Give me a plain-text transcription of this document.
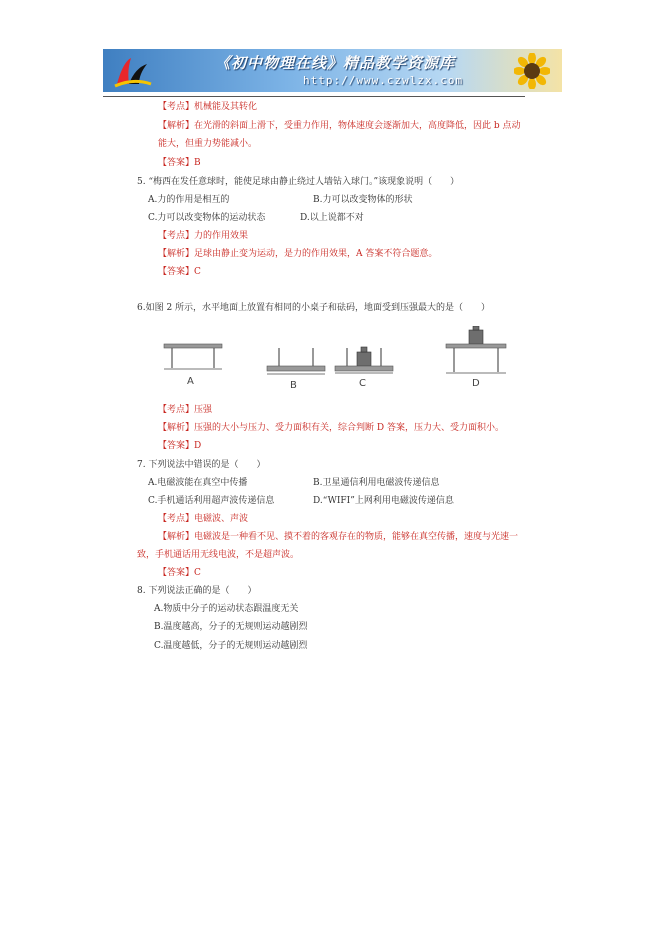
《初中物理在线》精品教学资源库
http://www.czwlzx.com
【考点】机械能及其转化
【解析】在光滑的斜面上滑下，受重力作用，物体速度会逐渐加大，高度降低，因此 b 点动
能大，但重力势能减小。
【答案】B
5. “梅西在发任意球时，能使足球由静止绕过人墙钻入球门。”该现象说明（　　）
A.力的作用是相互的	B.力可以改变物体的形状
C.力可以改变物体的运动状态	D.以上说都不对
【考点】力的作用效果
【解析】足球由静止变为运动，是力的作用效果，A 答案不符合题意。
【答案】C
6.如图 2 所示，水平地面上放置有相同的小桌子和砝码，地面受到压强最大的是（　　）
A	B	C	D
【考点】压强
【解析】压强的大小与压力、受力面积有关，综合判断 D 答案，压力大、受力面积小。
【答案】D
7. 下列说法中错误的是（　　）
A.电磁波能在真空中传播	B.卫星通信利用电磁波传递信息
C.手机通话利用超声波传递信息	D.“WIFI”上网利用电磁波传递信息
【考点】电磁波、声波
【解析】电磁波是一种看不见、摸不着的客观存在的物质，能够在真空传播，速度与光速一
致，手机通话用无线电波，不是超声波。
【答案】C
8. 下列说法正确的是（　　）
A.物质中分子的运动状态跟温度无关
B.温度越高，分子的无规则运动越剧烈
C.温度越低，分子的无规则运动越剧烈
